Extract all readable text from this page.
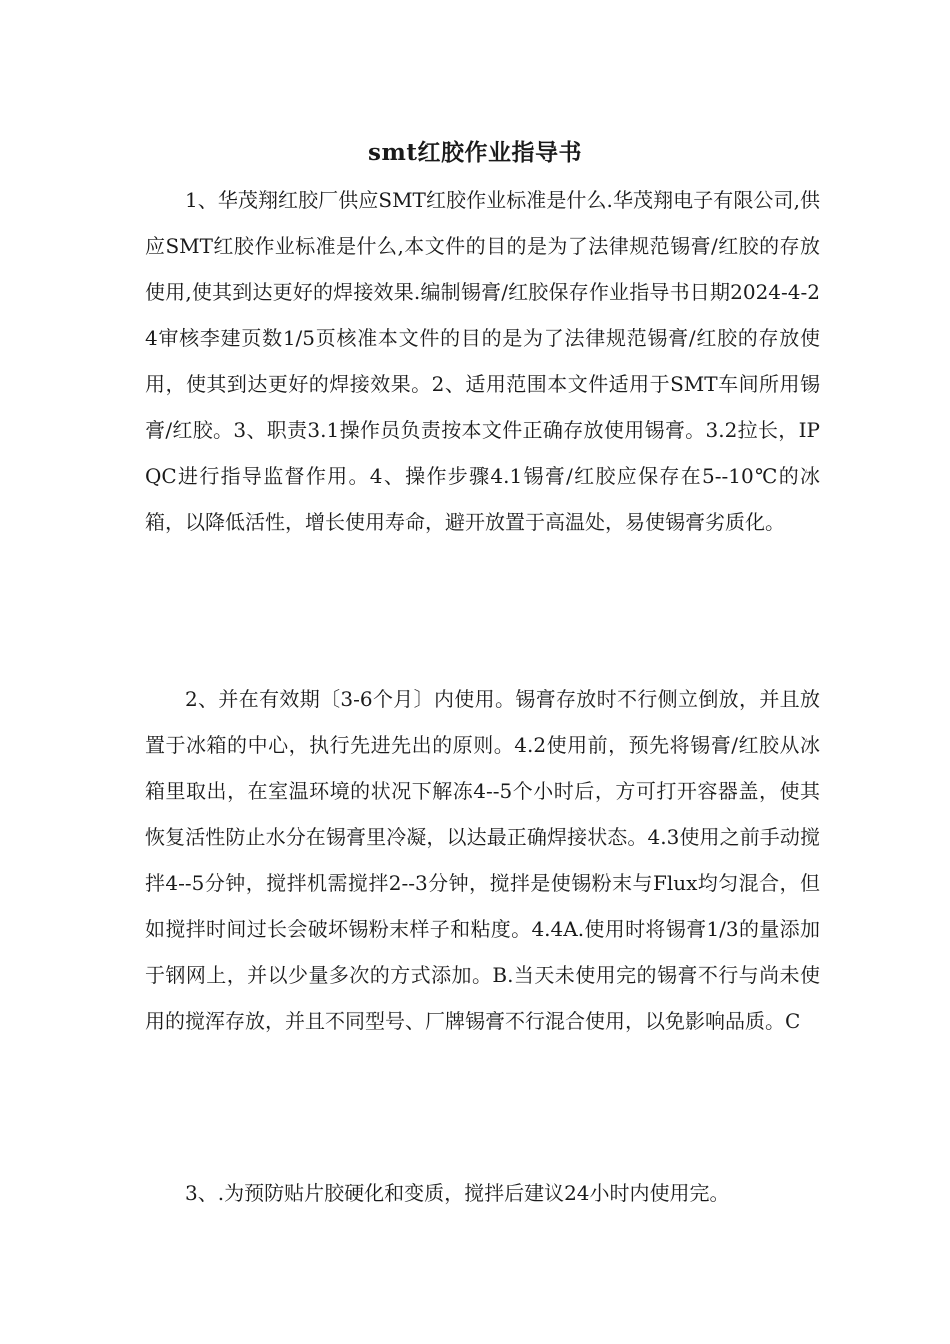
smt红胶作业指导书

1、华茂翔红胶厂供应SMT红胶作业标准是什么.华茂翔电子有限公司,供应SMT红胶作业标准是什么,本文件的目的是为了法律规范锡膏/红胶的存放使用,使其到达更好的焊接效果.编制锡膏/红胶保存作业指导书日期2024-4-24审核李建页数1/5页核准本文件的目的是为了法律规范锡膏/红胶的存放使用，使其到达更好的焊接效果。2、适用范围本文件适用于SMT车间所用锡膏/红胶。3、职责3.1操作员负责按本文件正确存放使用锡膏。3.2拉长，IPQC进行指导监督作用。4、操作步骤4.1锡膏/红胶应保存在5--10℃的冰箱，以降低活性，增长使用寿命，避开放置于高温处，易使锡膏劣质化。

2、并在有效期〔3-6个月〕内使用。锡膏存放时不行侧立倒放，并且放置于冰箱的中心，执行先进先出的原则。4.2使用前，预先将锡膏/红胶从冰箱里取出，在室温环境的状况下解冻4--5个小时后，方可打开容器盖，使其恢复活性防止水分在锡膏里冷凝，以达最正确焊接状态。4.3使用之前手动搅拌4--5分钟，搅拌机需搅拌2--3分钟，搅拌是使锡粉末与Flux均匀混合，但如搅拌时间过长会破坏锡粉末样子和粘度。4.4A.使用时将锡膏1/3的量添加于钢网上，并以少量多次的方式添加。B.当天未使用完的锡膏不行与尚未使用的搅浑存放，并且不同型号、厂牌锡膏不行混合使用，以免影响品质。C

3、.为预防贴片胶硬化和变质，搅拌后建议24小时内使用完。
